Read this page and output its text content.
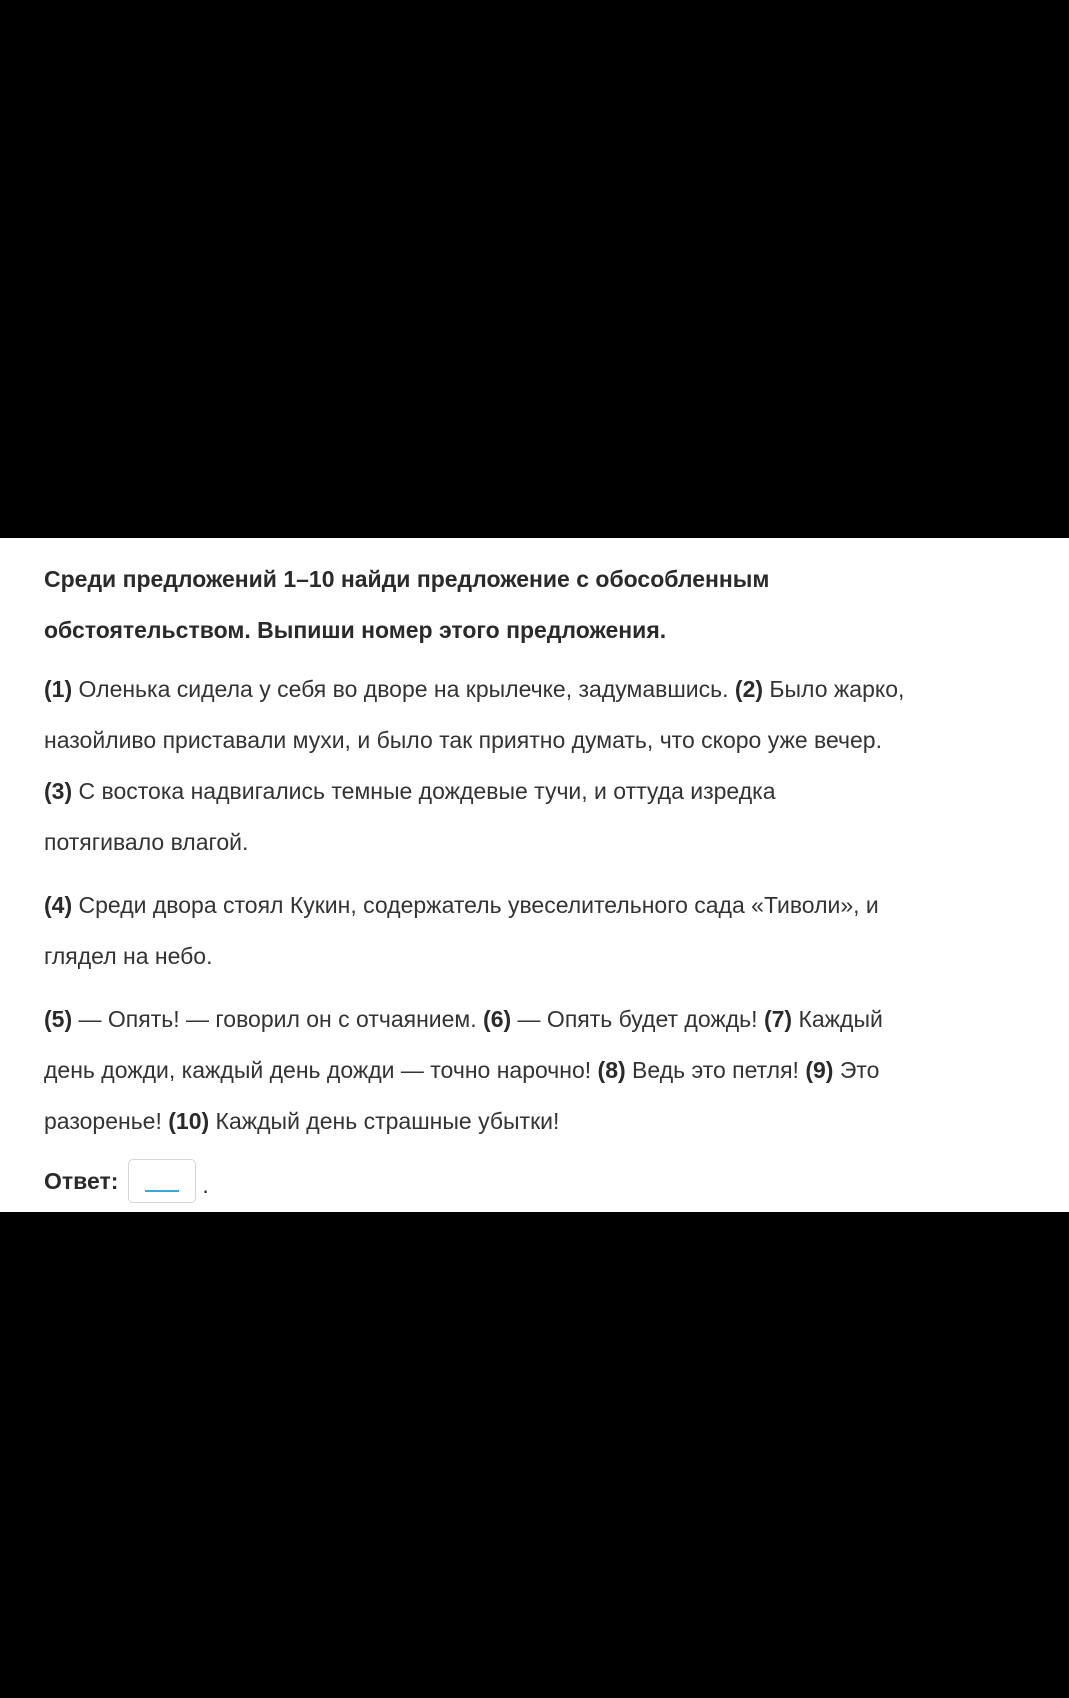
Среди предложений 1–10 найди предложение с обособленным
обстоятельством. Выпиши номер этого предложения.
(1) Оленька сидела у себя во дворе на крылечке, задумавшись. (2) Было жарко,
назойливо приставали мухи, и было так приятно думать, что скоро уже вечер.
(3) С востока надвигались темные дождевые тучи, и оттуда изредка
потягивало влагой.
(4) Среди двора стоял Кукин, содержатель увеселительного сада «Тиволи», и
глядел на небо.
(5) — Опять! — говорил он с отчаянием. (6) — Опять будет дождь! (7) Каждый
день дожди, каждый день дожди — точно нарочно! (8) Ведь это петля! (9) Это
разоренье! (10) Каждый день страшные убытки!
Ответ:	.
